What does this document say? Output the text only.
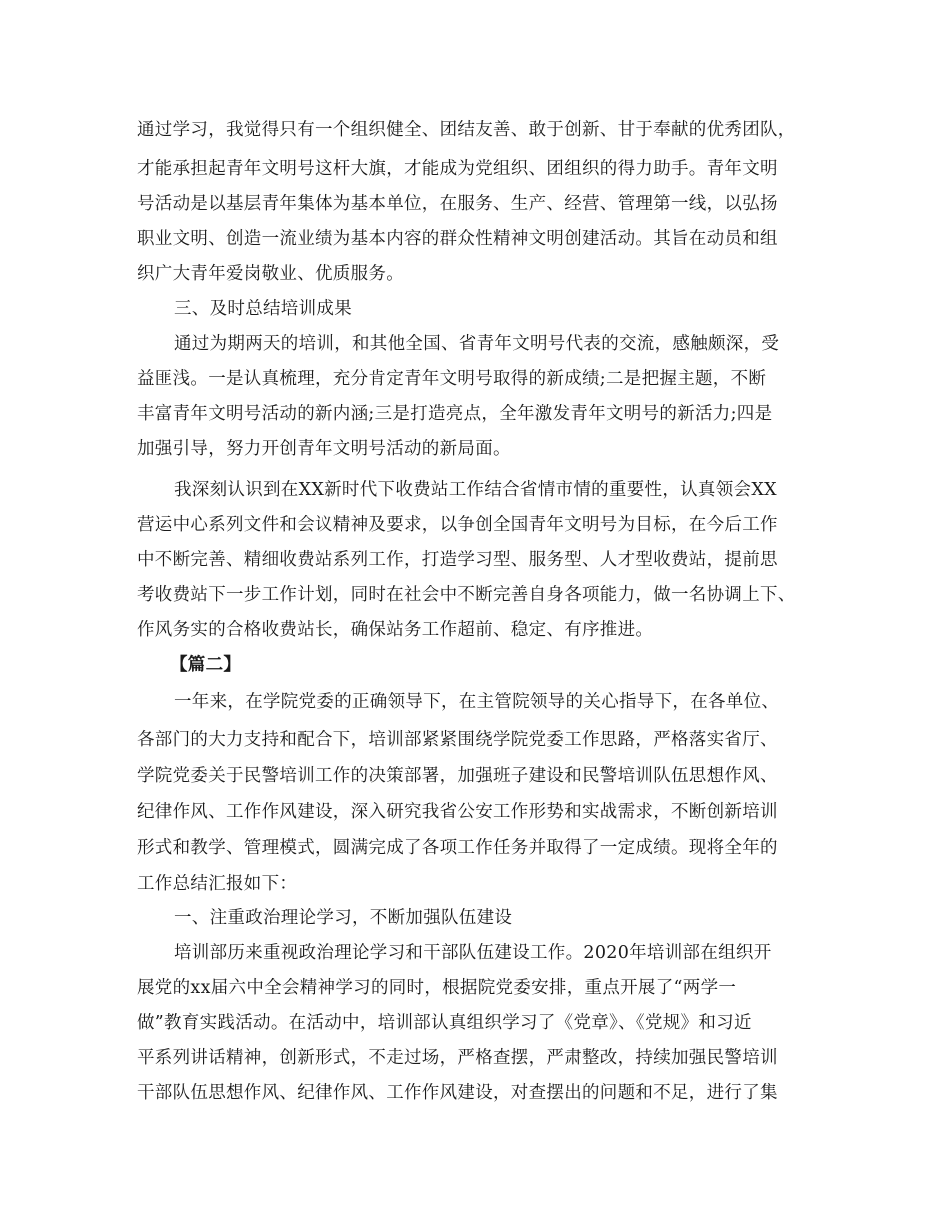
通过学习，我觉得只有一个组织健全、团结友善、敢于创新、甘于奉献的优秀团队，
才能承担起青年文明号这杆大旗，才能成为党组织、团组织的得力助手。青年文明
号活动是以基层青年集体为基本单位，在服务、生产、经营、管理第一线，以弘扬
职业文明、创造一流业绩为基本内容的群众性精神文明创建活动。其旨在动员和组
织广大青年爱岗敬业、优质服务。
三、及时总结培训成果
通过为期两天的培训，和其他全国、省青年文明号代表的交流，感触颇深，受
益匪浅。一是认真梳理，充分肯定青年文明号取得的新成绩;二是把握主题，不断
丰富青年文明号活动的新内涵;三是打造亮点，全年激发青年文明号的新活力;四是
加强引导，努力开创青年文明号活动的新局面。
我深刻认识到在XX新时代下收费站工作结合省情市情的重要性，认真领会XX
营运中心系列文件和会议精神及要求，以争创全国青年文明号为目标，在今后工作
中不断完善、精细收费站系列工作，打造学习型、服务型、人才型收费站，提前思
考收费站下一步工作计划，同时在社会中不断完善自身各项能力，做一名协调上下、
作风务实的合格收费站长，确保站务工作超前、稳定、有序推进。
【篇二】
一年来，在学院党委的正确领导下，在主管院领导的关心指导下，在各单位、
各部门的大力支持和配合下，培训部紧紧围绕学院党委工作思路，严格落实省厅、
学院党委关于民警培训工作的决策部署，加强班子建设和民警培训队伍思想作风、
纪律作风、工作作风建设，深入研究我省公安工作形势和实战需求，不断创新培训
形式和教学、管理模式，圆满完成了各项工作任务并取得了一定成绩。现将全年的
工作总结汇报如下：
一、注重政治理论学习，不断加强队伍建设
培训部历来重视政治理论学习和干部队伍建设工作。2020年培训部在组织开
展党的xx届六中全会精神学习的同时，根据院党委安排，重点开展了“两学一
做”教育实践活动。在活动中，培训部认真组织学习了《党章》、《党规》和习近
平系列讲话精神，创新形式，不走过场，严格查摆，严肃整改，持续加强民警培训
干部队伍思想作风、纪律作风、工作作风建设，对查摆出的问题和不足，进行了集
